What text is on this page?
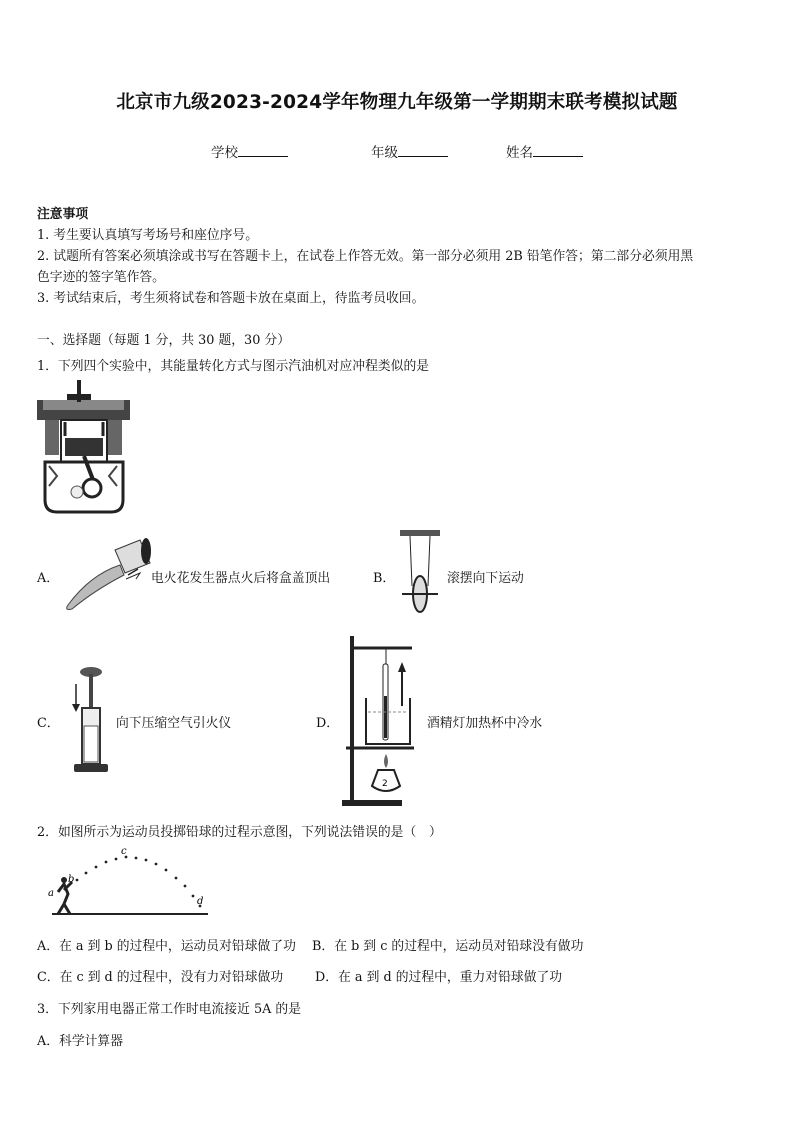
北京市九级2023-2024学年物理九年级第一学期期末联考模拟试题
学校	年级	姓名
注意事项
1. 考生要认真填写考场号和座位序号。
2. 试题所有答案必须填涂或书写在答题卡上，在试卷上作答无效。第一部分必须用 2B 铅笔作答；第二部分必须用黑
色字迹的签字笔作答。
3. 考试结束后，考生须将试卷和答题卡放在桌面上，待监考员收回。
一、选择题（每题 1 分，共 30 题，30 分）
1．下列四个实验中，其能量转化方式与图示汽油机对应冲程类似的是
A．	电火花发生器点火后将盒盖顶出	B．	滚摆向下运动
C．	向下压缩空气引火仪	D．
2
酒精灯加热杯中冷水
2．如图所示为运动员投掷铅球的过程示意图，下列说法错误的是（　）
a
b
c
d
A．在 a 到 b 的过程中，运动员对铅球做了功 B．在 b 到 c 的过程中，运动员对铅球没有做功
C．在 c 到 d 的过程中，没有力对铅球做功 D．在 a 到 d 的过程中，重力对铅球做了功
3．下列家用电器正常工作时电流接近 5A 的是
A．科学计算器
